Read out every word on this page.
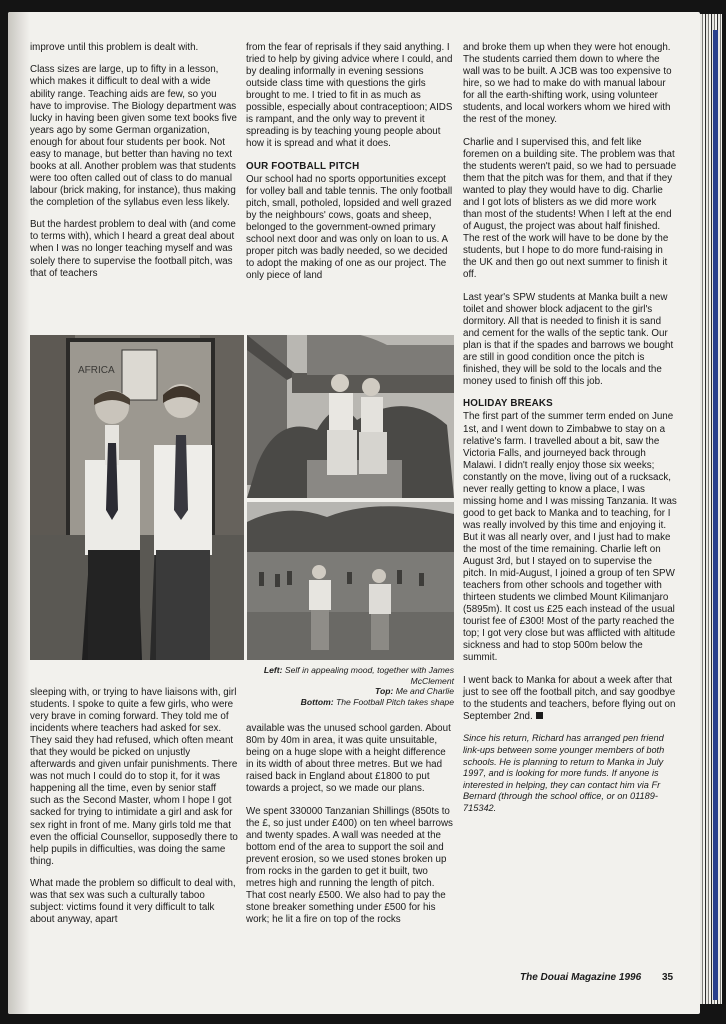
improve until this problem is dealt with.

Class sizes are large, up to fifty in a lesson, which makes it difficult to deal with a wide ability range. Teaching aids are few, so you have to improvise. The Biology department was lucky in having been given some text books five years ago by some German organization, enough for about four students per book. Not easy to manage, but better than having no text books at all. Another problem was that students were too often called out of class to do manual labour (brick making, for instance), thus making the completion of the syllabus even less likely.

But the hardest problem to deal with (and come to terms with), which I heard a great deal about when I was no longer teaching myself and was solely there to supervise the football pitch, was that of teachers

from the fear of reprisals if they said anything. I tried to help by giving advice where I could, and by dealing informally in evening sessions outside class time with questions the girls brought to me. I tried to fit in as much as possible, especially about contraceptioon; AIDS is rampant, and the only way to prevent it spreading is by teaching young people about how it is spread and what it does.

OUR FOOTBALL PITCH

Our school had no sports opportunities except for volley ball and table tennis. The only football pitch, small, potholed, lopsided and well grazed by the neighbours' cows, goats and sheep, belonged to the government-owned primary school next door and was only on loan to us. A proper pitch was badly needed, so we decided to adopt the making of one as our project. The only piece of land

and broke them up when they were hot enough. The students carried them down to where the wall was to be built. A JCB was too expensive to hire, so we had to make do with manual labour for all the earth-shifting work, using volunteer students, and local workers whom we hired with the rest of the money.

Charlie and I supervised this, and felt like foremen on a building site. The problem was that the students weren't paid, so we had to persuade them that the pitch was for them, and that if they wanted to play they would have to dig. Charlie and I got lots of blisters as we did more work than most of the students! When I left at the end of August, the project was about half finished. The rest of the work will have to be done by the students, but I hope to do more fund-raising in the UK and then go out next summer to finish it off.

Last year's SPW students at Manka built a new toilet and shower block adjacent to the girl's dormitory. All that is needed to finish it is sand and cement for the walls of the septic tank. Our plan is that if the spades and barrows we bought are still in good condition once the pitch is finished, they will be sold to the locals and the money used to finish off this job.

HOLIDAY BREAKS

The first part of the summer term ended on June 1st, and I went down to Zimbabwe to stay on a relative's farm. I travelled about a bit, saw the Victoria Falls, and journeyed back through Malawi. I didn't really enjoy those six weeks; constantly on the move, living out of a rucksack, never really getting to know a place, I was missing home and I was missing Tanzania. It was good to get back to Manka and to teaching, for I was really involved by this time and enjoying it. But it was all nearly over, and I just had to make the most of the time remaining. Charlie left on August 3rd, but I stayed on to supervise the pitch. In mid-August, I joined a group of ten SPW teachers from other schools and together with thirteen students we climbed Mount Kilimanjaro (5895m). It cost us £25 each instead of the usual tourist fee of £300! Most of the party reached the top; I got very close but was afflicted with altitude sickness and had to stop 500m below the summit.

I went back to Manka for about a week after that just to see off the football pitch, and say goodbye to the students and teachers, before flying out on September 2nd.

Since his return, Richard has arranged pen friend link-ups between some younger members of both schools. He is planning to return to Manka in July 1997, and is looking for more funds. If anyone is interested in helping, they can contact him via Fr Bernard (through the school office, or on 01189-715342.

AFRICA
Left: Self in appealing mood, together with James McClement
Top: Me and Charlie
Bottom: The Football Pitch takes shape

sleeping with, or trying to have liaisons with, girl students. I spoke to quite a few girls, who were very brave in coming forward. They told me of incidents where teachers had asked for sex. They said they had refused, which often meant that they would be picked on unjustly afterwards and given unfair punishments. There was not much I could do to stop it, for it was happening all the time, even by senior staff such as the Second Master, whom I hope I got sacked for trying to intimidate a girl and ask for sex right in front of me. Many girls told me that even the official Counsellor, supposedly there to help pupils in difficulties, was doing the same thing.

What made the problem so difficult to deal with, was that sex was such a culturally taboo subject: victims found it very difficult to talk about anyway, apart

available was the unused school garden. About 80m by 40m in area, it was quite unsuitable, being on a huge slope with a height difference in its width of about three metres. But we had raised back in England about £1800 to put towards a project, so we made our plans.

We spent 330000 Tanzanian Shillings (850ts to the £, so just under £400) on ten wheel barrows and twenty spades. A wall was needed at the bottom end of the area to support the soil and prevent erosion, so we used stones broken up from rocks in the garden to get it built, two metres high and running the length of pitch. That cost nearly £500. We also had to pay the stone breaker something under £500 for his work; he lit a fire on top of the rocks

The Douai Magazine 1996 35
